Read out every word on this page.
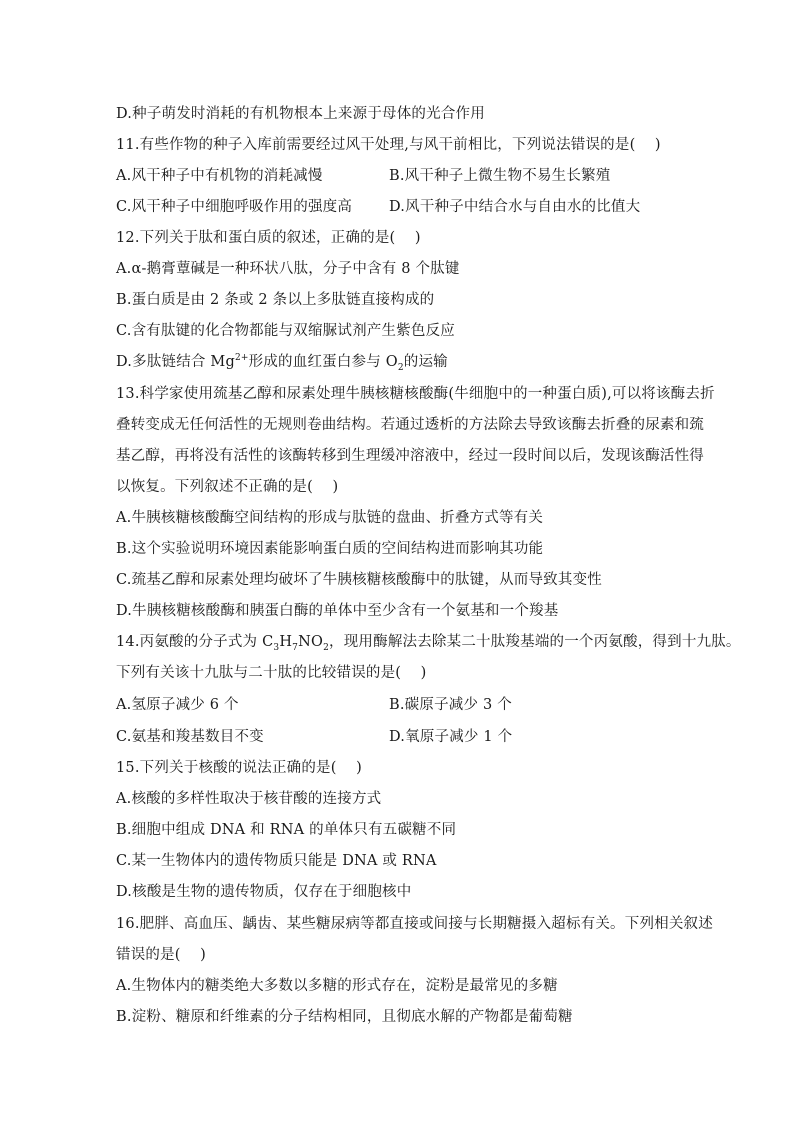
D.种子萌发时消耗的有机物根本上来源于母体的光合作用
11.有些作物的种子入库前需要经过风干处理,与风干前相比，下列说法错误的是(　 )
A.风干种子中有机物的消耗减慢	B.风干种子上微生物不易生长繁殖
C.风干种子中细胞呼吸作用的强度高	D.风干种子中结合水与自由水的比值大
12.下列关于肽和蛋白质的叙述，正确的是(　 )
A.α-鹅膏蕈碱是一种环状八肽，分子中含有 8 个肽键
B.蛋白质是由 2 条或 2 条以上多肽链直接构成的
C.含有肽键的化合物都能与双缩脲试剂产生紫色反应
D.多肽链结合 $Mg^{2+}$形成的血红蛋白参与 $O_2$的运输
13.科学家使用巯基乙醇和尿素处理牛胰核糖核酸酶(牛细胞中的一种蛋白质),可以将该酶去折
叠转变成无任何活性的无规则卷曲结构。若通过透析的方法除去导致该酶去折叠的尿素和巯
基乙醇，再将没有活性的该酶转移到生理缓冲溶液中，经过一段时间以后，发现该酶活性得
以恢复。下列叙述不正确的是(　 )
A.牛胰核糖核酸酶空间结构的形成与肽链的盘曲、折叠方式等有关
B.这个实验说明环境因素能影响蛋白质的空间结构进而影响其功能
C.巯基乙醇和尿素处理均破坏了牛胰核糖核酸酶中的肽键，从而导致其变性
D.牛胰核糖核酸酶和胰蛋白酶的单体中至少含有一个氨基和一个羧基
14.丙氨酸的分子式为 $C_3H_7NO_2$，现用酶解法去除某二十肽羧基端的一个丙氨酸，得到十九肽。
下列有关该十九肽与二十肽的比较错误的是(　 )
A.氢原子减少 6 个	B.碳原子减少 3 个
C.氨基和羧基数目不变	D.氧原子减少 1 个
15.下列关于核酸的说法正确的是(　 )
A.核酸的多样性取决于核苷酸的连接方式
B.细胞中组成 DNA 和 RNA 的单体只有五碳糖不同
C.某一生物体内的遗传物质只能是 DNA 或 RNA
D.核酸是生物的遗传物质，仅存在于细胞核中
16.肥胖、高血压、龋齿、某些糖尿病等都直接或间接与长期糖摄入超标有关。下列相关叙述
错误的是(　 )
A.生物体内的糖类绝大多数以多糖的形式存在，淀粉是最常见的多糖
B.淀粉、糖原和纤维素的分子结构相同，且彻底水解的产物都是葡萄糖
